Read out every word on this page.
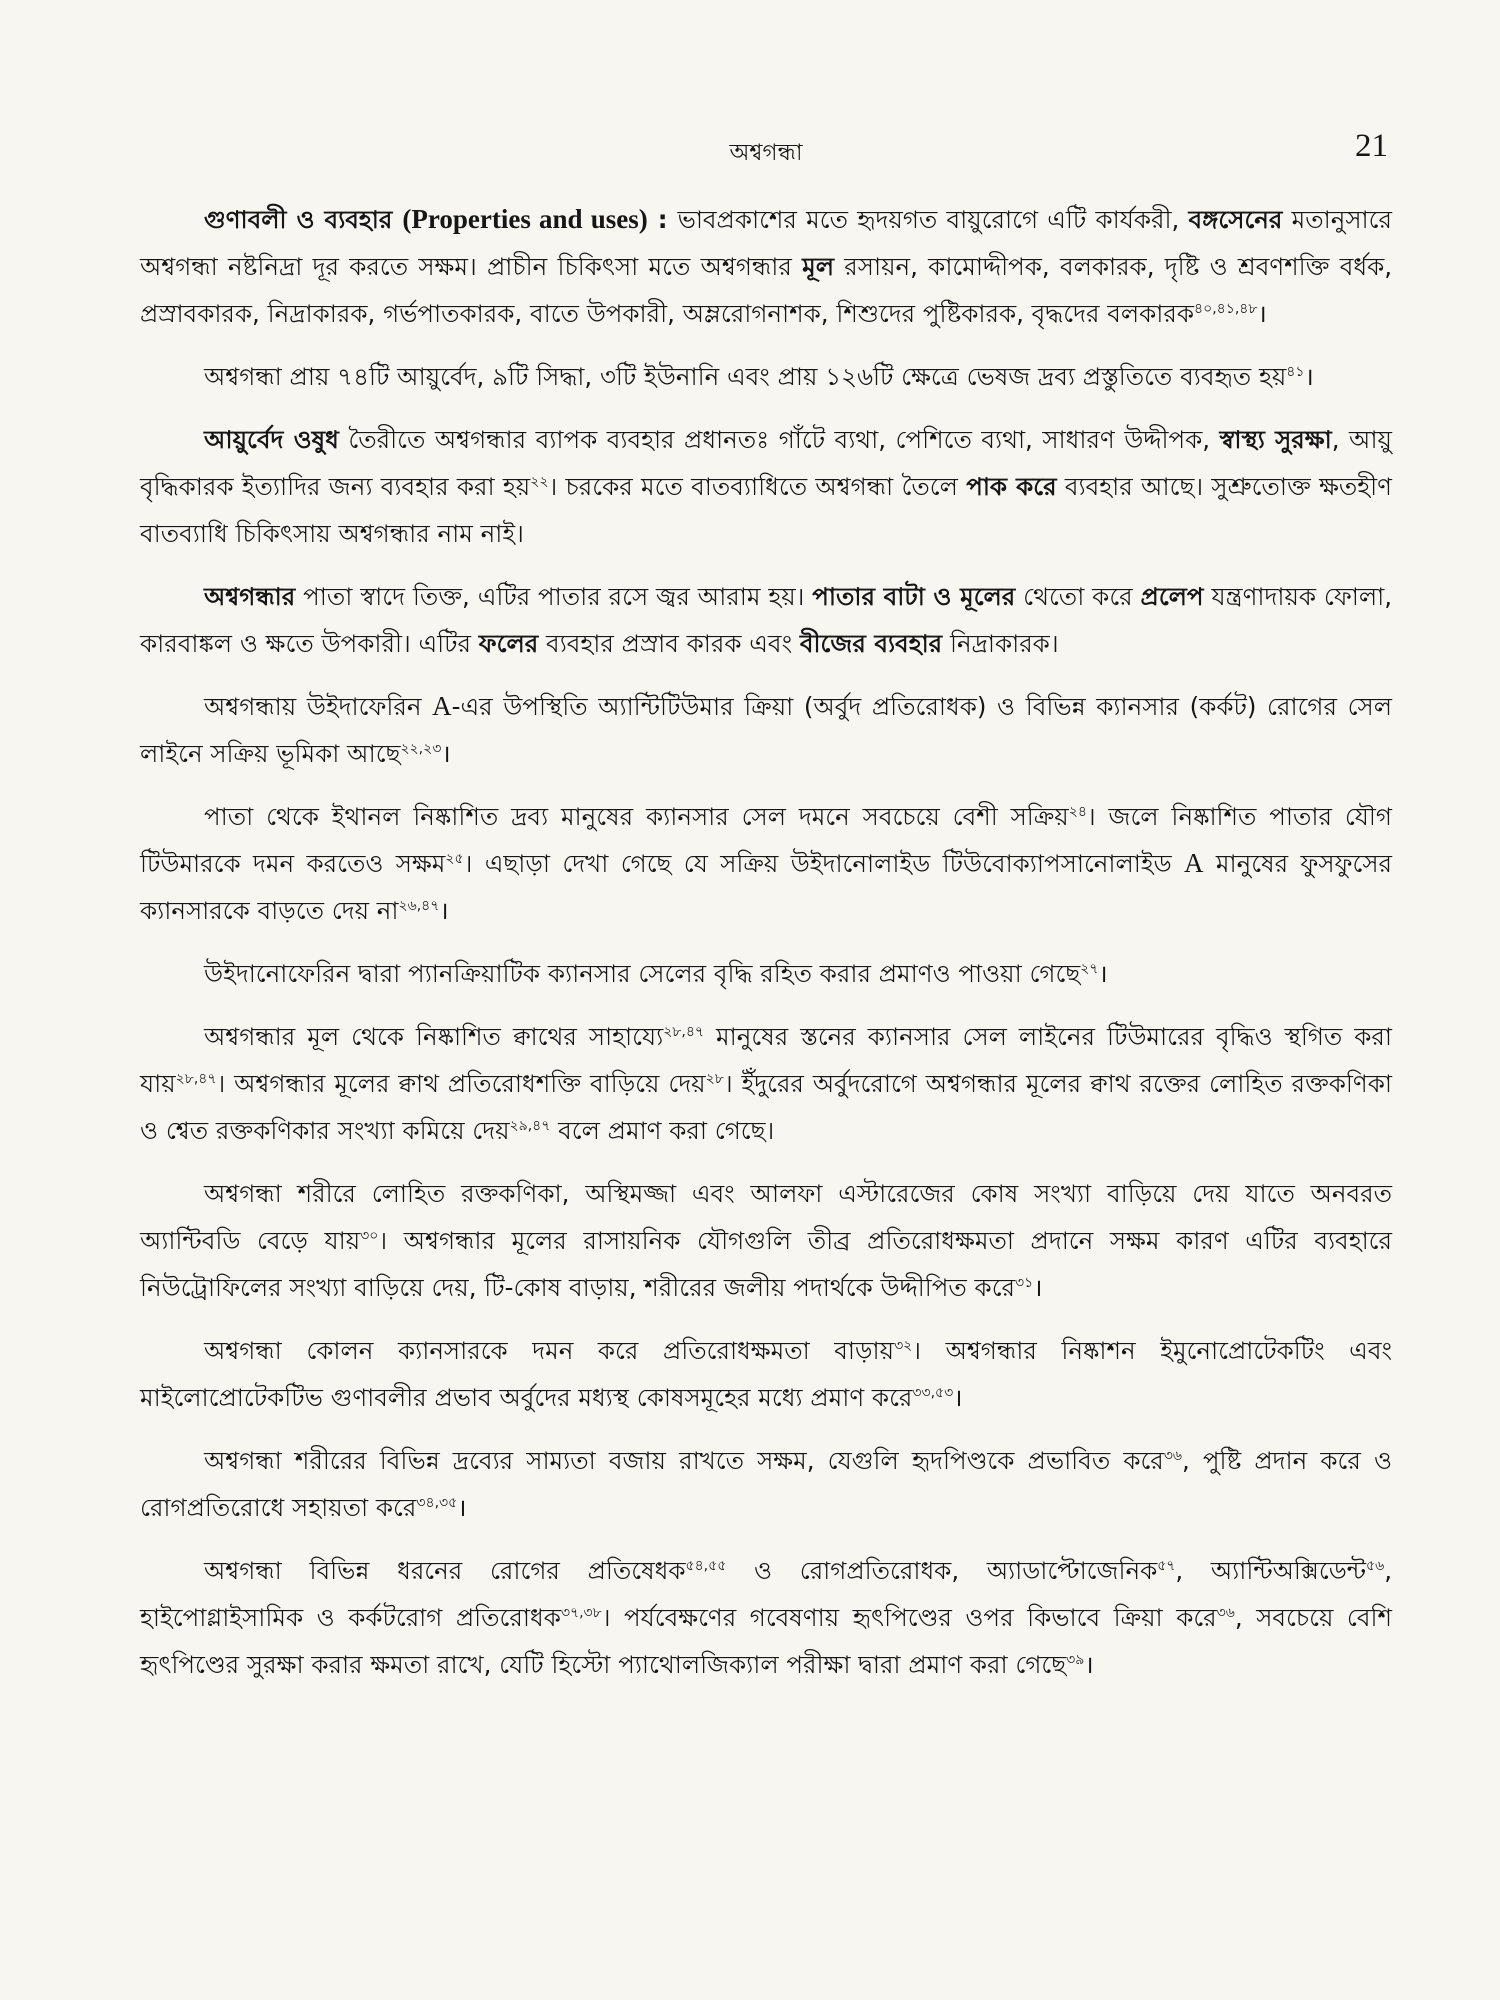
অশ্বগন্ধা	21

গুণাবলী ও ব্যবহার (Properties and uses) : ভাবপ্রকাশের মতে হৃদয়গত বায়ুরোগে এটি কার্যকরী, বঙ্গসেনের মতানুসারে অশ্বগন্ধা নষ্টনিদ্রা দূর করতে সক্ষম। প্রাচীন চিকিৎসা মতে অশ্বগন্ধার মূল রসায়ন, কামোদ্দীপক, বলকারক, দৃষ্টি ও শ্রবণশক্তি বর্ধক, প্রস্রাবকারক, নিদ্রাকারক, গর্ভপাতকারক, বাতে উপকারী, অম্লরোগনাশক, শিশুদের পুষ্টিকারক, বৃদ্ধদের বলকারক$^{৪০,৪১,৪৮}$।

অশ্বগন্ধা প্রায় ৭৪টি আয়ুর্বেদ, ৯টি সিদ্ধা, ৩টি ইউনানি এবং প্রায় ১২৬টি ক্ষেত্রে ভেষজ দ্রব্য প্রস্তুতিতে ব্যবহৃত হয়$^{৪১}$।

আয়ুর্বেদ ওষুধ তৈরীতে অশ্বগন্ধার ব্যাপক ব্যবহার প্রধানতঃ গাঁটে ব্যথা, পেশিতে ব্যথা, সাধারণ উদ্দীপক, স্বাস্থ্য সুরক্ষা, আয়ু বৃদ্ধিকারক ইত্যাদির জন্য ব্যবহার করা হয়$^{২২}$। চরকের মতে বাতব্যাধিতে অশ্বগন্ধা তৈলে পাক করে ব্যবহার আছে। সুশ্রুতোক্ত ক্ষতহীণ বাতব্যাধি চিকিৎসায় অশ্বগন্ধার নাম নাই।

অশ্বগন্ধার পাতা স্বাদে তিক্ত, এটির পাতার রসে জ্বর আরাম হয়। পাতার বাটা ও মূলের থেতো করে প্রলেপ যন্ত্রণাদায়ক ফোলা, কারবাঙ্কল ও ক্ষতে উপকারী। এটির ফলের ব্যবহার প্রস্রাব কারক এবং বীজের ব্যবহার নিদ্রাকারক।

অশ্বগন্ধায় উইদাফেরিন A-এর উপস্থিতি অ্যান্টিটিউমার ক্রিয়া (অর্বুদ প্রতিরোধক) ও বিভিন্ন ক্যানসার (কর্কট) রোগের সেল লাইনে সক্রিয় ভূমিকা আছে$^{২২,২৩}$।

পাতা থেকে ইথানল নিষ্কাশিত দ্রব্য মানুষের ক্যানসার সেল দমনে সবচেয়ে বেশী সক্রিয়$^{২৪}$। জলে নিষ্কাশিত পাতার যৌগ টিউমারকে দমন করতেও সক্ষম$^{২৫}$। এছাড়া দেখা গেছে যে সক্রিয় উইদানোলাইড টিউবোক্যাপসানোলাইড A মানুষের ফুসফুসের ক্যানসারকে বাড়তে দেয় না$^{২৬,৪৭}$।

উইদানোফেরিন দ্বারা প্যানক্রিয়াটিক ক্যানসার সেলের বৃদ্ধি রহিত করার প্রমাণও পাওয়া গেছে$^{২৭}$।

অশ্বগন্ধার মূল থেকে নিষ্কাশিত ক্বাথের সাহায্যে$^{২৮,৪৭}$ মানুষের স্তনের ক্যানসার সেল লাইনের টিউমারের বৃদ্ধিও স্থগিত করা যায়$^{২৮,৪৭}$। অশ্বগন্ধার মূলের ক্বাথ প্রতিরোধশক্তি বাড়িয়ে দেয়$^{২৮}$। ইঁদুরের অর্বুদরোগে অশ্বগন্ধার মূলের ক্বাথ রক্তের লোহিত রক্তকণিকা ও শ্বেত রক্তকণিকার সংখ্যা কমিয়ে দেয়$^{২৯,৪৭}$ বলে প্রমাণ করা গেছে।

অশ্বগন্ধা শরীরে লোহিত রক্তকণিকা, অস্থিমজ্জা এবং আলফা এস্টারেজের কোষ সংখ্যা বাড়িয়ে দেয় যাতে অনবরত অ্যান্টিবডি বেড়ে যায়$^{৩০}$। অশ্বগন্ধার মূলের রাসায়নিক যৌগগুলি তীব্র প্রতিরোধক্ষমতা প্রদানে সক্ষম কারণ এটির ব্যবহারে নিউট্রোফিলের সংখ্যা বাড়িয়ে দেয়, টি-কোষ বাড়ায়, শরীরের জলীয় পদার্থকে উদ্দীপিত করে$^{৩১}$।

অশ্বগন্ধা কোলন ক্যানসারকে দমন করে প্রতিরোধক্ষমতা বাড়ায়$^{৩২}$। অশ্বগন্ধার নিষ্কাশন ইমুনোপ্রোটেকটিং এবং মাইলোপ্রোটেকটিভ গুণাবলীর প্রভাব অর্বুদের মধ্যস্থ কোষসমূহের মধ্যে প্রমাণ করে$^{৩৩,৫৩}$।

অশ্বগন্ধা শরীরের বিভিন্ন দ্রব্যের সাম্যতা বজায় রাখতে সক্ষম, যেগুলি হৃদপিণ্ডকে প্রভাবিত করে$^{৩৬}$, পুষ্টি প্রদান করে ও রোগপ্রতিরোধে সহায়তা করে$^{৩৪,৩৫}$।

অশ্বগন্ধা বিভিন্ন ধরনের রোগের প্রতিষেধক$^{৫৪,৫৫}$ ও রোগপ্রতিরোধক, অ্যাডাপ্টোজেনিক$^{৫৭}$, অ্যান্টিঅক্সিডেন্ট$^{৫৬}$, হাইপোগ্লাইসামিক ও কর্কটরোগ প্রতিরোধক$^{৩৭,৩৮}$। পর্যবেক্ষণের গবেষণায় হৃৎপিণ্ডের ওপর কিভাবে ক্রিয়া করে$^{৩৬}$, সবচেয়ে বেশি হৃৎপিণ্ডের সুরক্ষা করার ক্ষমতা রাখে, যেটি হিস্টো প্যাথোলজিক্যাল পরীক্ষা দ্বারা প্রমাণ করা গেছে$^{৩৯}$।
